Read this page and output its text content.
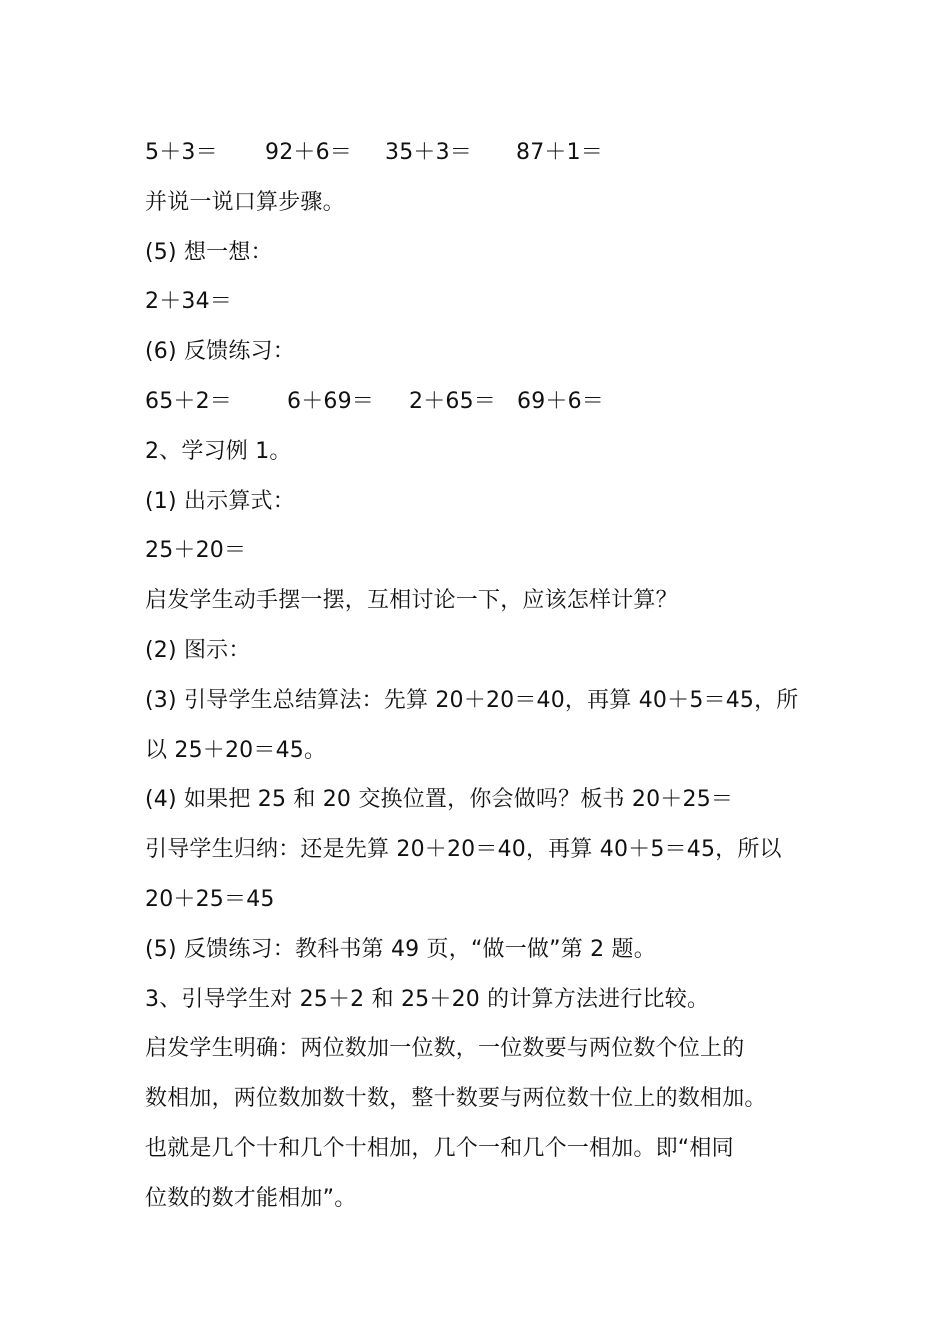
5＋3＝	92＋6＝	35＋3＝	87＋1＝
并说一说口算步骤。
(5) 想一想：
2＋34＝
(6) 反馈练习：
65＋2＝	6＋69＝	2＋65＝ 69＋6＝
2、学习例 1。
(1) 出示算式：
25＋20＝
启发学生动手摆一摆，互相讨论一下，应该怎样计算？
(2) 图示：
(3) 引导学生总结算法：先算 20＋20＝40，再算 40＋5＝45，所
以 25＋20＝45。
(4) 如果把 25 和 20 交换位置，你会做吗？板书 20＋25＝
引导学生归纳：还是先算 20＋20＝40，再算 40＋5＝45，所以
20＋25＝45
(5) 反馈练习：教科书第 49 页，“做一做”第 2 题。
3、引导学生对 25＋2 和 25＋20 的计算方法进行比较。
启发学生明确：两位数加一位数，一位数要与两位数个位上的
数相加，两位数加数十数，整十数要与两位数十位上的数相加。
也就是几个十和几个十相加，几个一和几个一相加。即“相同
位数的数才能相加”。
